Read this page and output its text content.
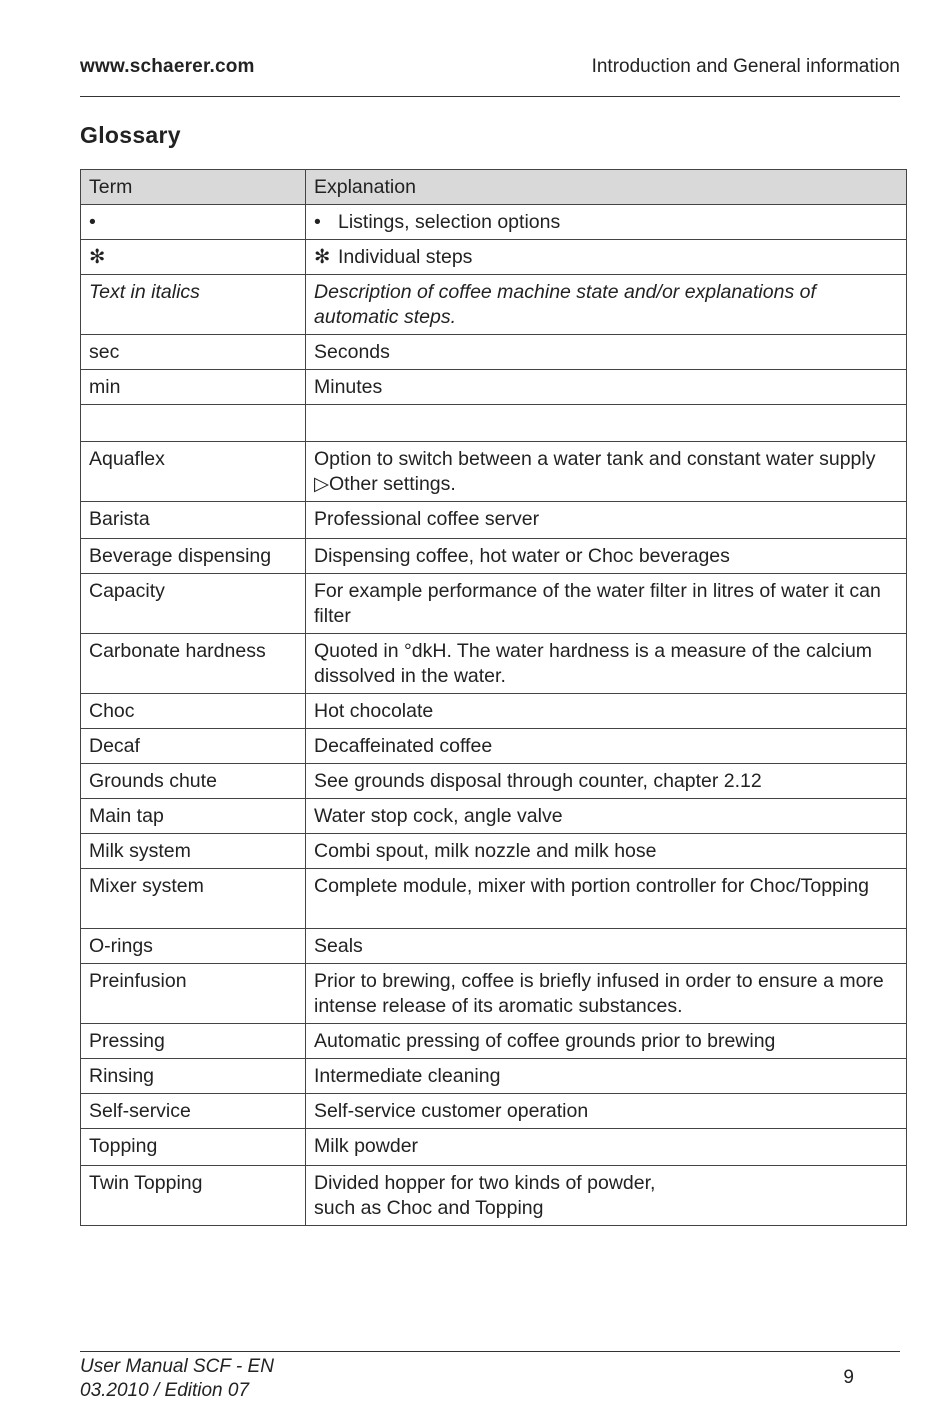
www.schaerer.com	Introduction and General information
Glossary
Term	Explanation
•	• Listings, selection options
✻	✻ Individual steps
Text in italics	Description of coffee machine state and/or explanations of automatic steps.
sec	Seconds
min	Minutes

Aquaflex	Option to switch between a water tank and constant water supply ▷Other settings.
Barista	Professional coffee server
Beverage dispensing	Dispensing coffee, hot water or Choc beverages
Capacity	For example performance of the water filter in litres of water it can filter
Carbonate hardness	Quoted in °dkH. The water hardness is a measure of the calcium dissolved in the water.
Choc	Hot chocolate
Decaf	Decaffeinated coffee
Grounds chute	See grounds disposal through counter, chapter 2.12
Main tap	Water stop cock, angle valve
Milk system	Combi spout, milk nozzle and milk hose
Mixer system	Complete module, mixer with portion controller for Choc/Topping
O-rings	Seals
Preinfusion	Prior to brewing, coffee is briefly infused in order to ensure a more intense release of its aromatic substances.
Pressing	Automatic pressing of coffee grounds prior to brewing
Rinsing	Intermediate cleaning
Self-service	Self-service customer operation
Topping	Milk powder
Twin Topping	Divided hopper for two kinds of powder,
such as Choc and Topping
User Manual SCF - EN
03.2010 / Edition 07
9
